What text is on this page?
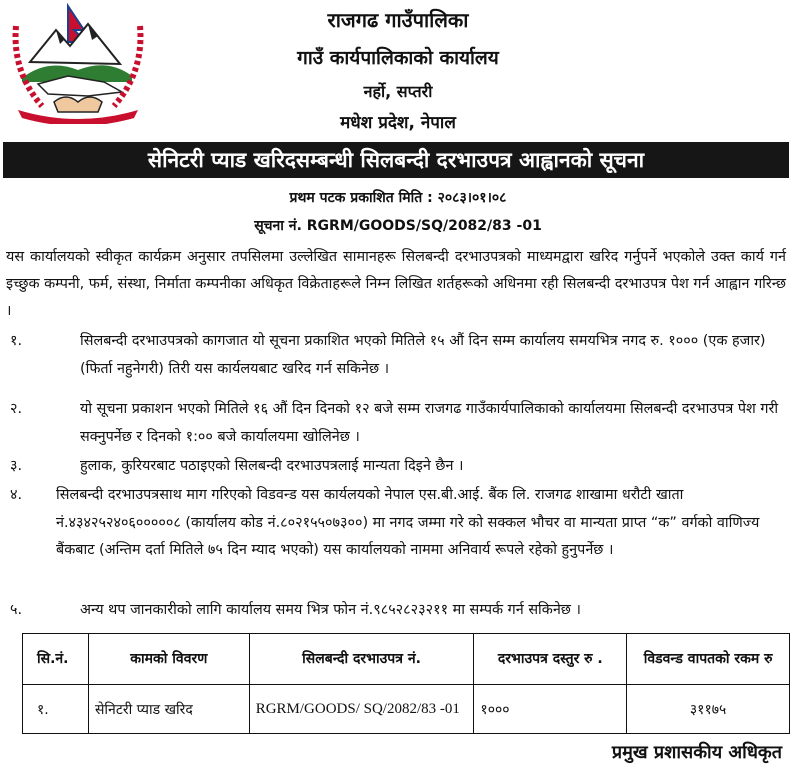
राजगढ गाउँपालिका
गाउँ कार्यपालिकाको कार्यालय
नर्हो, सप्तरी
मधेश प्रदेश, नेपाल
सेनिटरी प्याड खरिदसम्बन्धी सिलबन्दी दरभाउपत्र आह्वानको सूचना
प्रथम पटक प्रकाशित मिति : २०८३।०१।०८
सूचना नं. RGRM/GOODS/SQ/2082/83 -01
यस कार्यालयको स्वीकृत कार्यक्रम अनुसार तपसिलमा उल्लेखित सामानहरू सिलबन्दी दरभाउपत्रको माध्यमद्वारा खरिद गर्नुपर्ने भएकोले उक्त कार्य गर्न इच्छुक कम्पनी, फर्म, संस्था, निर्माता कम्पनीका अधिकृत विक्रेताहरूले निम्न लिखित शर्तहरूको अधिनमा रही सिलबन्दी दरभाउपत्र पेश गर्न आह्वान गरिन्छ ।
१.	सिलबन्दी दरभाउपत्रको कागजात यो सूचना प्रकाशित भएको मितिले १५ औं दिन सम्म कार्यालय समयभित्र नगद रु. १००० (एक हजार) (फिर्ता नहुनेगरी) तिरी यस कार्यलयबाट खरिद गर्न सकिनेछ ।
२.	यो सूचना प्रकाशन भएको मितिले १६ औं दिन दिनको १२ बजे सम्म राजगढ गाउँकार्यपालिकाको कार्यालयमा सिलबन्दी दरभाउपत्र पेश गरी सक्नुपर्नेछ र दिनको १:०० बजे कार्यालयमा खोलिनेछ ।
३.	हुलाक, कुरियरबाट पठाइएको सिलबन्दी दरभाउपत्रलाई मान्यता दिइने छैन ।
४.	सिलबन्दी दरभाउपत्रसाथ माग गरिएको विडवन्ड यस कार्यलयको नेपाल एस.बी.आई. बैंक लि. राजगढ शाखामा धरौटी खाता नं.४३४२५२४०६०००००८ (कार्यालय कोड नं.८०२१५५०७३००) मा नगद जम्मा गरे को सक्कल भौचर वा मान्यता प्राप्त “क” वर्गको वाणिज्य बैंकबाट (अन्तिम दर्ता मितिले ७५ दिन म्याद भएको) यस कार्यालयको नाममा अनिवार्य रूपले रहेको हुनुपर्नेछ ।
५.	अन्य थप जानकारीको लागि कार्यालय समय भित्र फोन नं.९८५२८२३२११ मा सम्पर्क गर्न सकिनेछ ।
सि.नं.	कामको विवरण	सिलबन्दी दरभाउपत्र नं.	दरभाउपत्र दस्तुर रु .	विडवन्ड वापतको रकम रु
१.	सेनिटरी प्याड खरिद	RGRM/GOODS/ SQ/2082/83 -01	१०००	३११७५
प्रमुख प्रशासकीय अधिकृत
